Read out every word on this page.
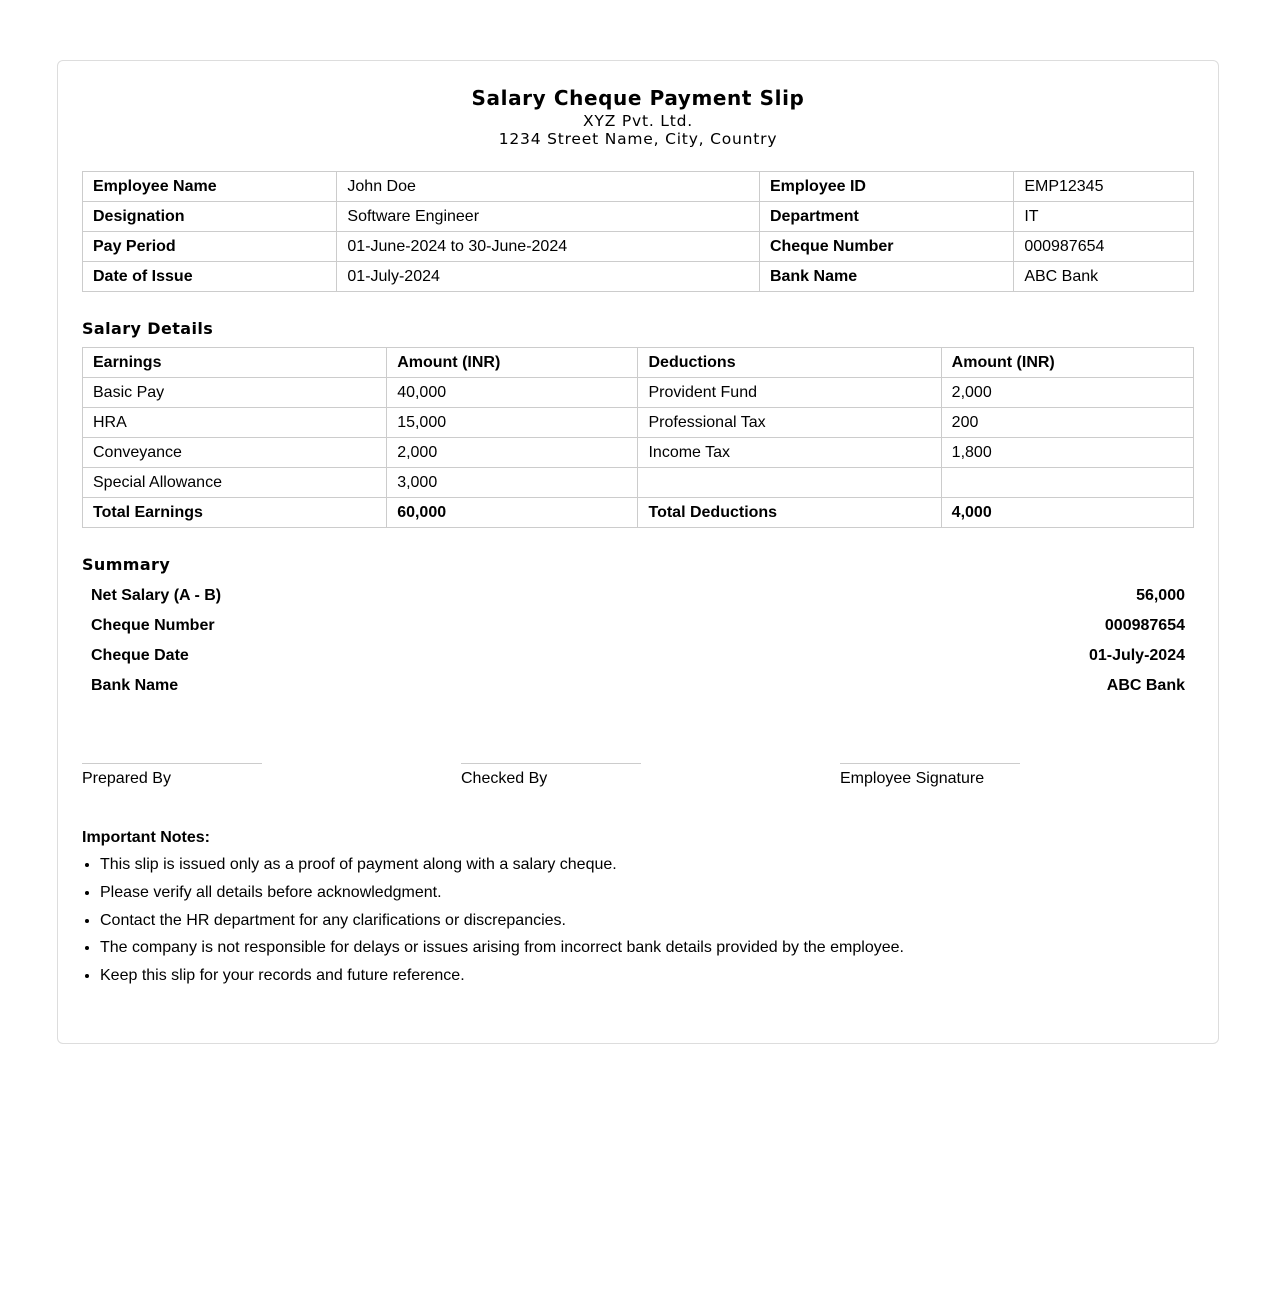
Salary Cheque Payment Slip
XYZ Pvt. Ltd.
1234 Street Name, City, Country
Employee Name	John Doe	Employee ID	EMP12345
Designation	Software Engineer	Department	IT
Pay Period	01-June-2024 to 30-June-2024	Cheque Number	000987654
Date of Issue	01-July-2024	Bank Name	ABC Bank
Salary Details
Earnings	Amount (INR)	Deductions	Amount (INR)
Basic Pay	40,000	Provident Fund	2,000
HRA	15,000	Professional Tax	200
Conveyance	2,000	Income Tax	1,800
Special Allowance	3,000		
Total Earnings	60,000	Total Deductions	4,000
Summary
Net Salary (A - B)	56,000
Cheque Number	000987654
Cheque Date	01-July-2024
Bank Name	ABC Bank
Prepared By	Checked By	Employee Signature
Important Notes:
• This slip is issued only as a proof of payment along with a salary cheque.
• Please verify all details before acknowledgment.
• Contact the HR department for any clarifications or discrepancies.
• The company is not responsible for delays or issues arising from incorrect bank details provided by the employee.
• Keep this slip for your records and future reference.
